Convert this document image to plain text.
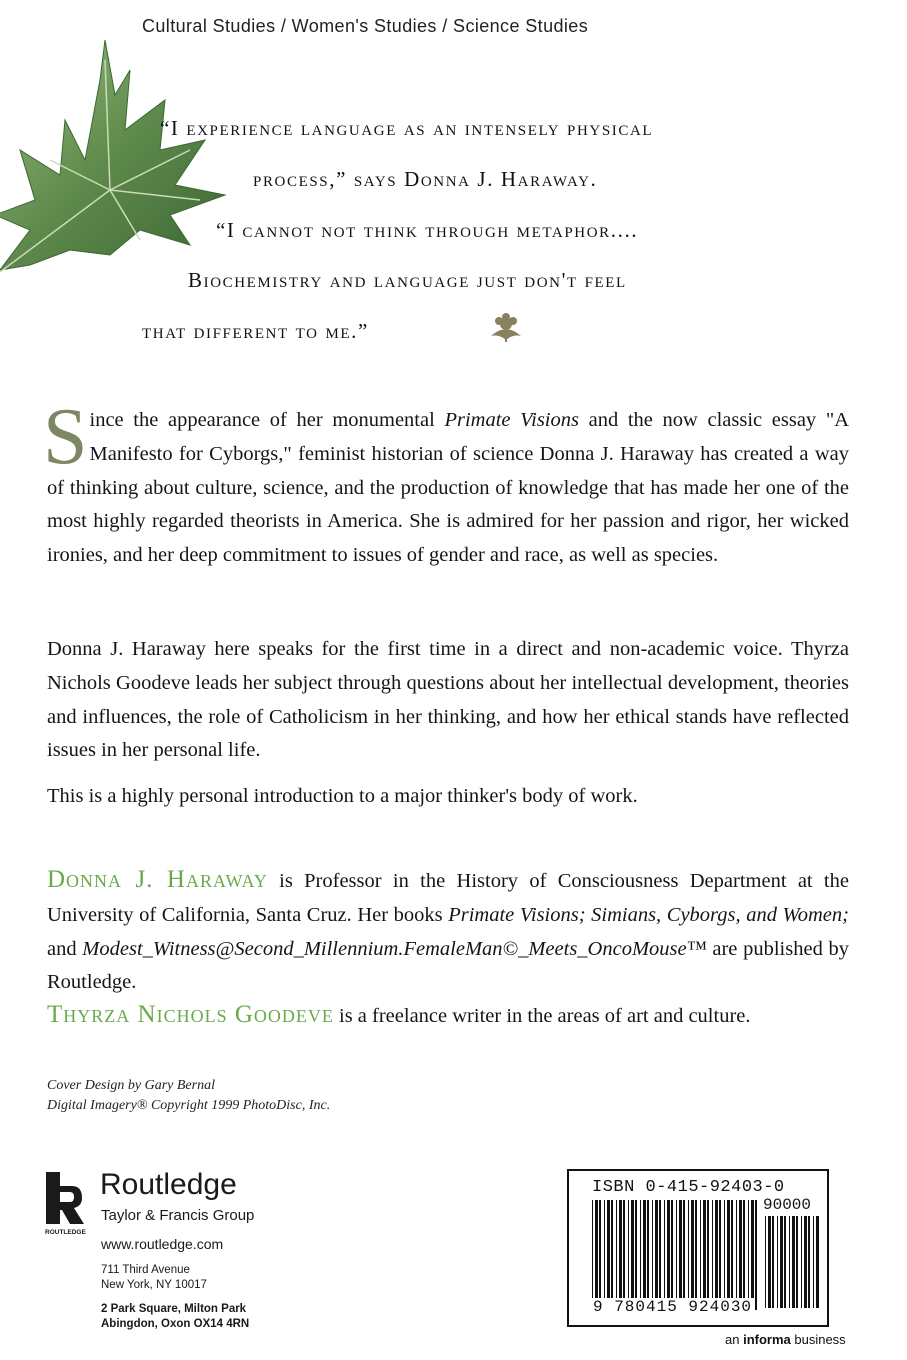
Cultural Studies / Women's Studies / Science Studies
“I experience language as an intensely physical
process,” says Donna J. Haraway.
“I cannot not think through metaphor....
Biochemistry and language just don't feel
that different to me.”
Since the appearance of her monumental Primate Visions and the now classic essay "A Manifesto for Cyborgs," feminist historian of science Donna J. Haraway has created a way of thinking about culture, science, and the production of knowledge that has made her one of the most highly regarded theorists in America. She is admired for her passion and rigor, her wicked ironies, and her deep commitment to issues of gender and race, as well as species.
Donna J. Haraway here speaks for the first time in a direct and non-academic voice. Thyrza Nichols Goodeve leads her subject through questions about her intellectual development, theories and influences, the role of Catholicism in her thinking, and how her ethical stands have reflected issues in her personal life.
This is a highly personal introduction to a major thinker's body of work.
Donna J. Haraway is Professor in the History of Consciousness Department at the University of California, Santa Cruz. Her books Primate Visions; Simians, Cyborgs, and Women; and Modest_Witness@Second_Millennium.FemaleMan©_Meets_OncoMouse™ are published by Routledge.
Thyrza Nichols Goodeve is a freelance writer in the areas of art and culture.
Cover Design by Gary Bernal
Digital Imagery® Copyright 1999 PhotoDisc, Inc.
ROUTLEDGE
Routledge
Taylor & Francis Group
www.routledge.com
711 Third Avenue
New York, NY 10017
2 Park Square, Milton Park
Abingdon, Oxon OX14 4RN
ISBN 0-415-92403-0
90000
9 780415 924030
an informa business
